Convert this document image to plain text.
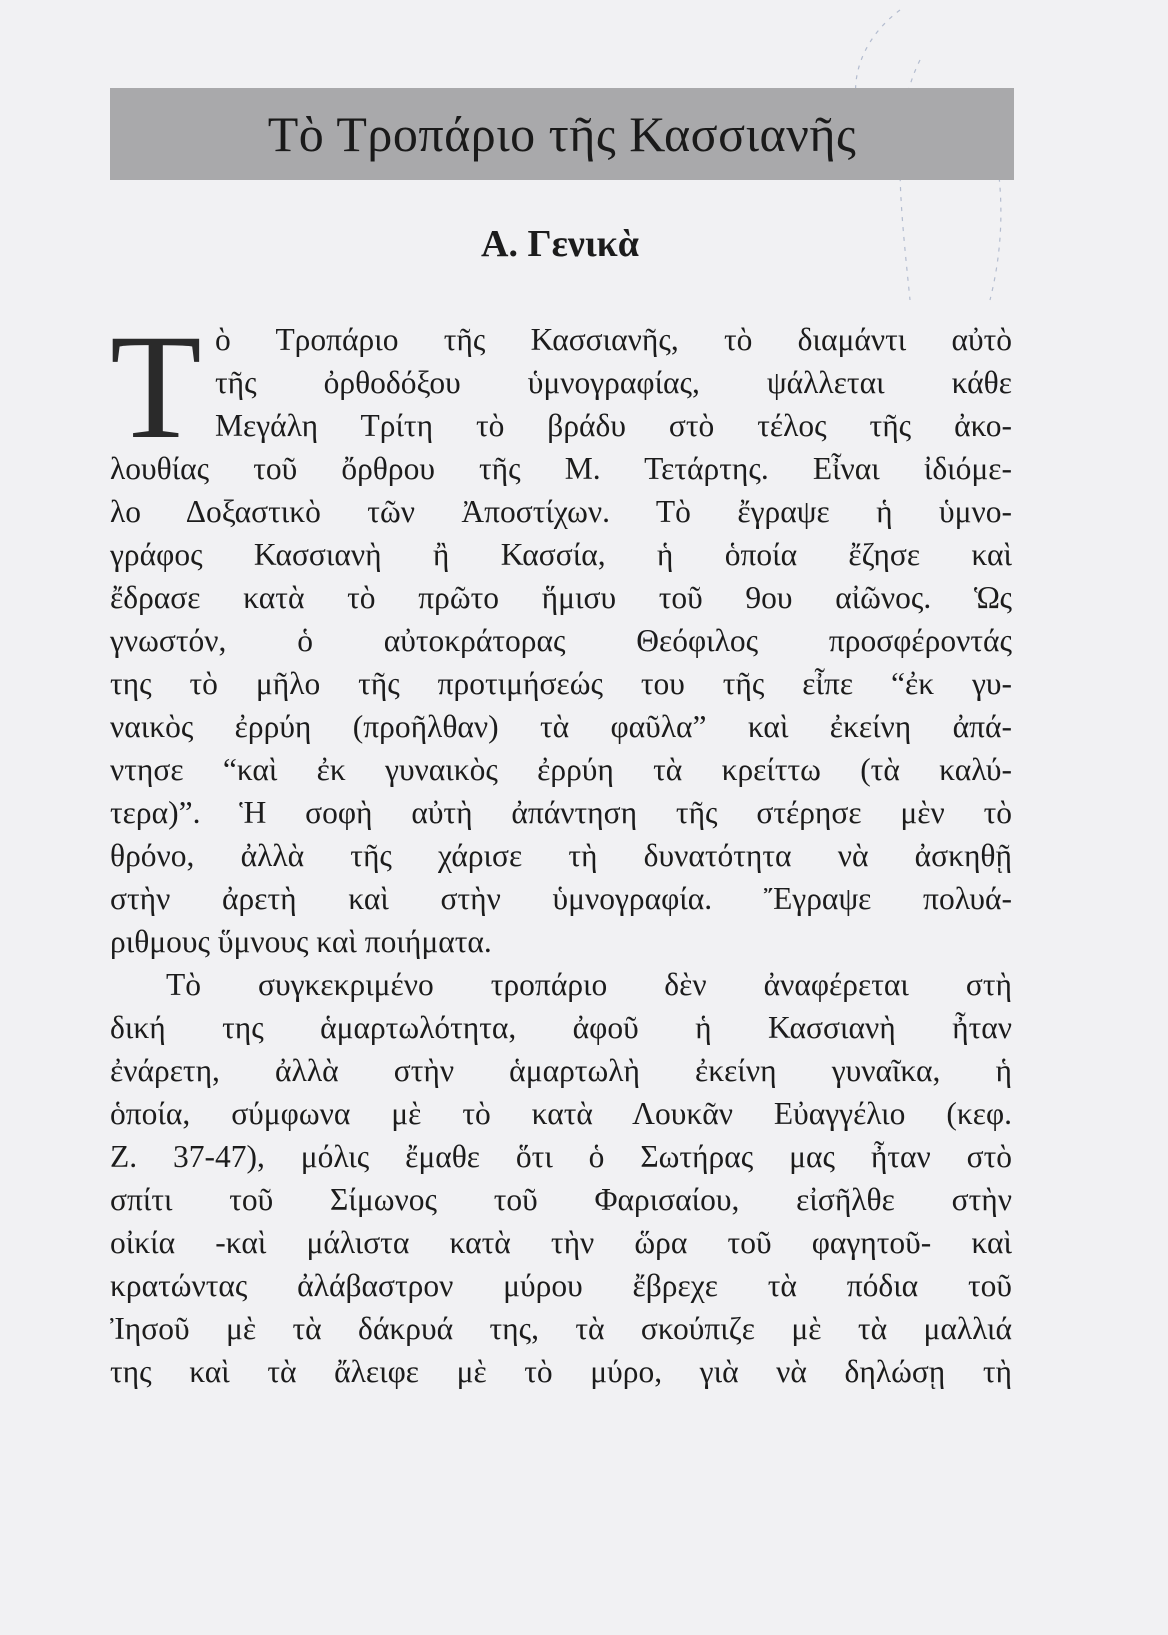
Τὸ Τροπάριο τῆς Κασσιανῆς
Α. Γενικὰ
Τ ὸ Τροπάριο τῆς Κασσιανῆς, τὸ διαμάντι αὐτὸ
τῆς ὀρθοδόξου ὑμνογραφίας, ψάλλεται κάθε
Μεγάλη Τρίτη τὸ βράδυ στὸ τέλος τῆς ἀκο-
λουθίας τοῦ ὄρθρου τῆς Μ. Τετάρτης. Εἶναι ἰδιόμε-
λο Δοξαστικὸ τῶν Ἀποστίχων. Τὸ ἔγραψε ἡ ὑμνο-
γράφος Κασσιανὴ ἢ Κασσία, ἡ ὁποία ἔζησε καὶ
ἔδρασε κατὰ τὸ πρῶτο ἥμισυ τοῦ 9ου αἰῶνος. Ὡς
γνωστόν, ὁ αὐτοκράτορας Θεόφιλος προσφέροντάς
της τὸ μῆλο τῆς προτιμήσεώς του τῆς εἶπε “ἐκ γυ-
ναικὸς ἐρρύη (προῆλθαν) τὰ φαῦλα” καὶ ἐκείνη ἀπά-
ντησε “καὶ ἐκ γυναικὸς ἐρρύη τὰ κρείττω (τὰ καλύ-
τερα)”. Ἡ σοφὴ αὐτὴ ἀπάντηση τῆς στέρησε μὲν τὸ
θρόνο, ἀλλὰ τῆς χάρισε τὴ δυνατότητα νὰ ἀσκηθῇ
στὴν ἀρετὴ καὶ στὴν ὑμνογραφία. Ἔγραψε πολυά-
ριθμους ὕμνους καὶ ποιήματα.
Τὸ συγκεκριμένο τροπάριο δὲν ἀναφέρεται στὴ
δική της ἁμαρτωλότητα, ἀφοῦ ἡ Κασσιανὴ ἦταν
ἐνάρετη, ἀλλὰ στὴν ἁμαρτωλὴ ἐκείνη γυναῖκα, ἡ
ὁποία, σύμφωνα μὲ τὸ κατὰ Λουκᾶν Εὐαγγέλιο (κεφ.
Ζ. 37-47), μόλις ἔμαθε ὅτι ὁ Σωτήρας μας ἦταν στὸ
σπίτι τοῦ Σίμωνος τοῦ Φαρισαίου, εἰσῆλθε στὴν
οἰκία -καὶ μάλιστα κατὰ τὴν ὥρα τοῦ φαγητοῦ- καὶ
κρατώντας ἀλάβαστρον μύρου ἔβρεχε τὰ πόδια τοῦ
Ἰησοῦ μὲ τὰ δάκρυά της, τὰ σκούπιζε μὲ τὰ μαλλιά
της καὶ τὰ ἄλειφε μὲ τὸ μύρο, γιὰ νὰ δηλώσῃ τὴ
